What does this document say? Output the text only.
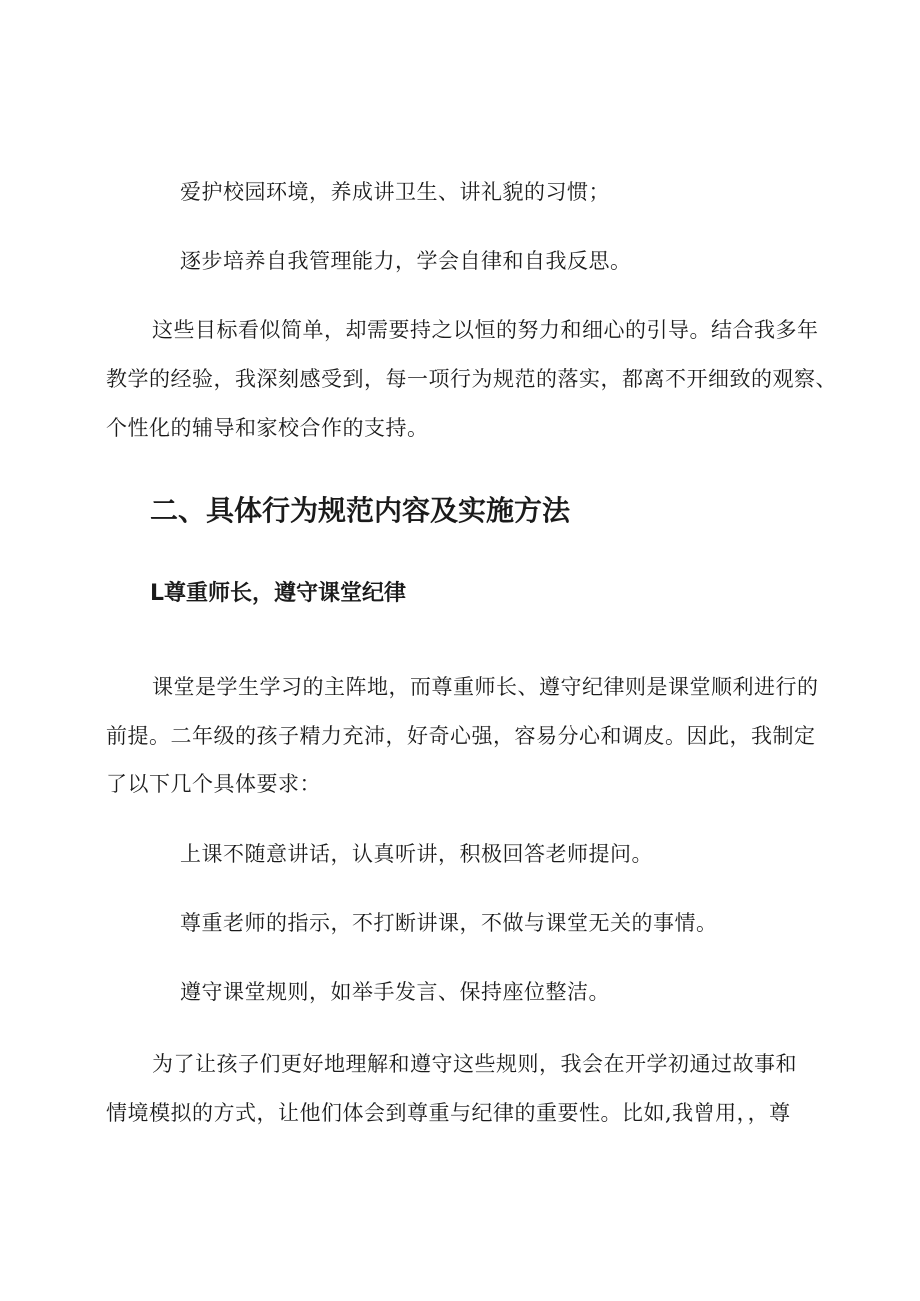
爱护校园环境，养成讲卫生、讲礼貌的习惯；
逐步培养自我管理能力，学会自律和自我反思。
这些目标看似简单，却需要持之以恒的努力和细心的引导。结合我多年
教学的经验，我深刻感受到，每一项行为规范的落实，都离不开细致的观察、
个性化的辅导和家校合作的支持。
二、具体行为规范内容及实施方法
L尊重师长，遵守课堂纪律
课堂是学生学习的主阵地，而尊重师长、遵守纪律则是课堂顺利进行的
前提。二年级的孩子精力充沛，好奇心强，容易分心和调皮。因此，我制定
了以下几个具体要求：
上课不随意讲话，认真听讲，积极回答老师提问。
尊重老师的指示，不打断讲课，不做与课堂无关的事情。
遵守课堂规则，如举手发言、保持座位整洁。
为了让孩子们更好地理解和遵守这些规则，我会在开学初通过故事和
情境模拟的方式，让他们体会到尊重与纪律的重要性。比如,我曾用，，尊
